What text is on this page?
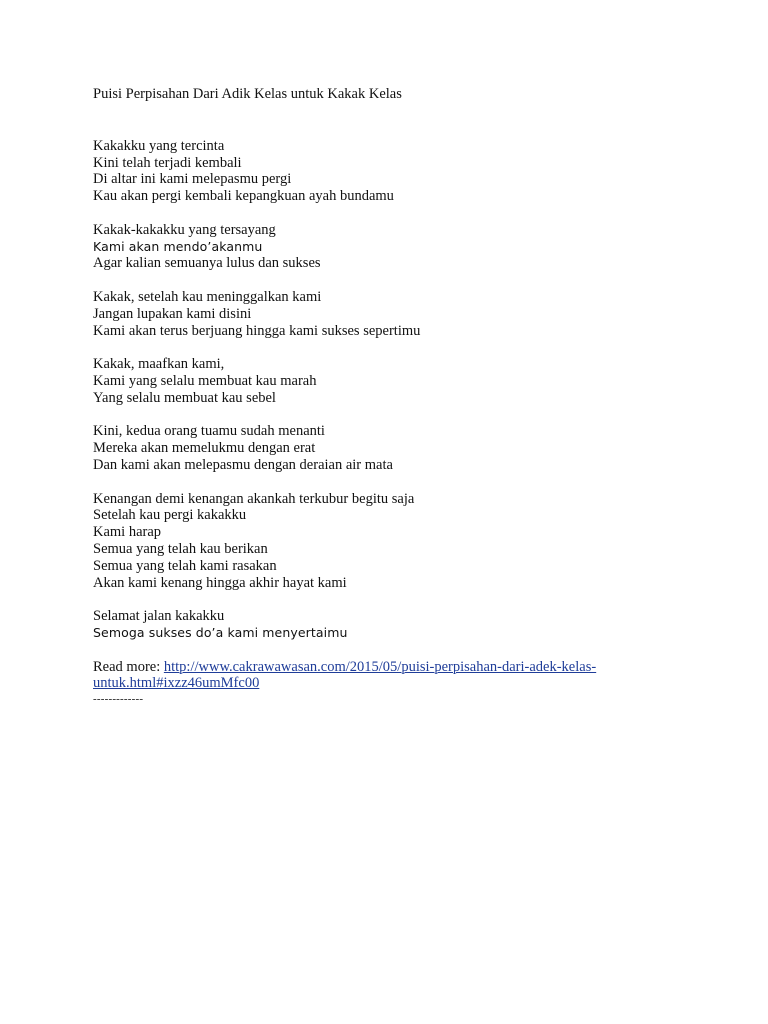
Puisi Perpisahan Dari Adik Kelas untuk Kakak Kelas
Kakakku yang tercinta
Kini telah terjadi kembali
Di altar ini kami melepasmu pergi
Kau akan pergi kembali kepangkuan ayah bundamu
Kakak-kakakku yang tersayang
Kami akan mendo’akanmu
Agar kalian semuanya lulus dan sukses
Kakak, setelah kau meninggalkan kami
Jangan lupakan kami disini
Kami akan terus berjuang hingga kami sukses sepertimu
Kakak, maafkan kami,
Kami yang selalu membuat kau marah
Yang selalu membuat kau sebel
Kini, kedua orang tuamu sudah menanti
Mereka akan memelukmu dengan erat
Dan kami akan melepasmu dengan deraian air mata
Kenangan demi kenangan akankah terkubur begitu saja
Setelah kau pergi kakakku
Kami harap
Semua yang telah kau berikan
Semua yang telah kami rasakan
Akan kami kenang hingga akhir hayat kami
Selamat jalan kakakku
Semoga sukses do’a kami menyertaimu
Read more: http://www.cakrawawasan.com/2015/05/puisi-perpisahan-dari-adek-kelas-
untuk.html#ixzz46umMfc00
-------------
